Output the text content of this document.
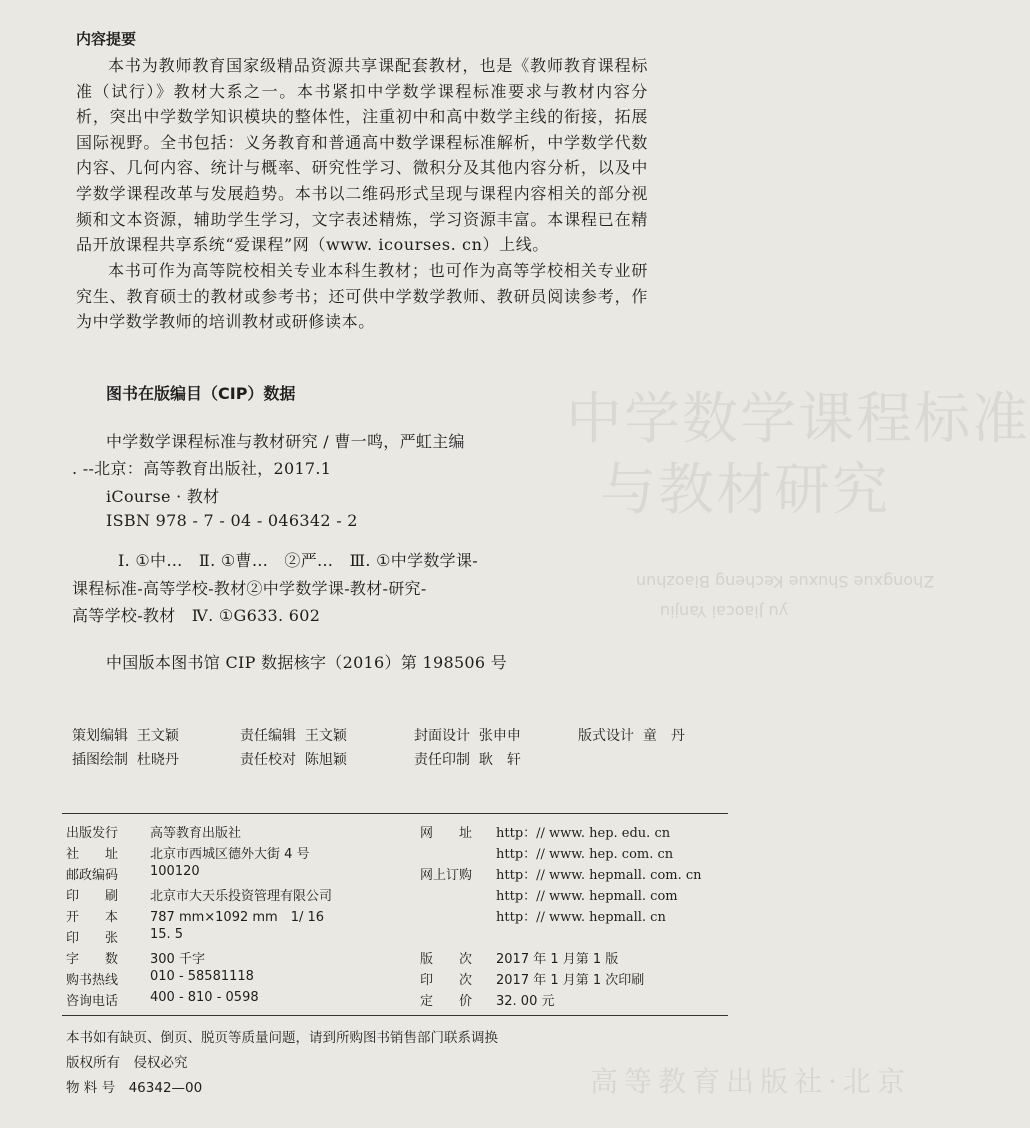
中学数学课程标准
与教材研究
Zhongxue Shuxue Kecheng Biaozhun
yu Jiaocai Yanjiu
高等教育出版社·北京
内容提要

本书为教师教育国家级精品资源共享课配套教材，也是《教师教育课程标准（试行）》教材大系之一。本书紧扣中学数学课程标准要求与教材内容分析，突出中学数学知识模块的整体性，注重初中和高中数学主线的衔接，拓展国际视野。全书包括：义务教育和普通高中数学课程标准解析，中学数学代数内容、几何内容、统计与概率、研究性学习、微积分及其他内容分析，以及中学数学课程改革与发展趋势。本书以二维码形式呈现与课程内容相关的部分视频和文本资源，辅助学生学习，文字表述精炼，学习资源丰富。本课程已在精品开放课程共享系统“爱课程”网（www. icourses. cn）上线。

本书可作为高等院校相关专业本科生教材；也可作为高等学校相关专业研究生、教育硕士的教材或参考书；还可供中学数学教师、教研员阅读参考，作为中学数学教师的培训教材或研修读本。

图书在版编目（CIP）数据
中学数学课程标准与教材研究 / 曹一鸣，严虹主编
. --北京：高等教育出版社，2017.1
iCourse · 教材
ISBN 978 - 7 - 04 - 046342 - 2
Ⅰ. ①中…　Ⅱ. ①曹…　②严…　Ⅲ. ①中学数学课-
课程标准-高等学校-教材②中学数学课-教材-研究-
高等学校-教材　Ⅳ. ①G633. 602
中国版本图书馆 CIP 数据核字（2016）第 198506 号
策划编辑 王文颖	责任编辑 王文颖	封面设计 张申申	版式设计 童　丹
插图绘制 杜晓丹	责任校对 陈旭颖	责任印制 耿　轩
出版发行 高等教育出版社	网　　址 http：// www. hep. edu. cn
社　　址 北京市西城区德外大街 4 号	http：// www. hep. com. cn
邮政编码 100120	网上订购 http：// www. hepmall. com. cn
印　　刷 北京市大天乐投资管理有限公司	http：// www. hepmall. com
开　　本 787 mm×1092 mm　1/ 16	http：// www. hepmall. cn
印　　张 15. 5
字　　数 300 千字	版　　次 2017 年 1 月第 1 版
购书热线 010 - 58581118	印　　次 2017 年 1 月第 1 次印刷
咨询电话 400 - 810 - 0598	定　　价 32. 00 元
本书如有缺页、倒页、脱页等质量问题，请到所购图书销售部门联系调换
版权所有　侵权必究
物 料 号　46342—00
